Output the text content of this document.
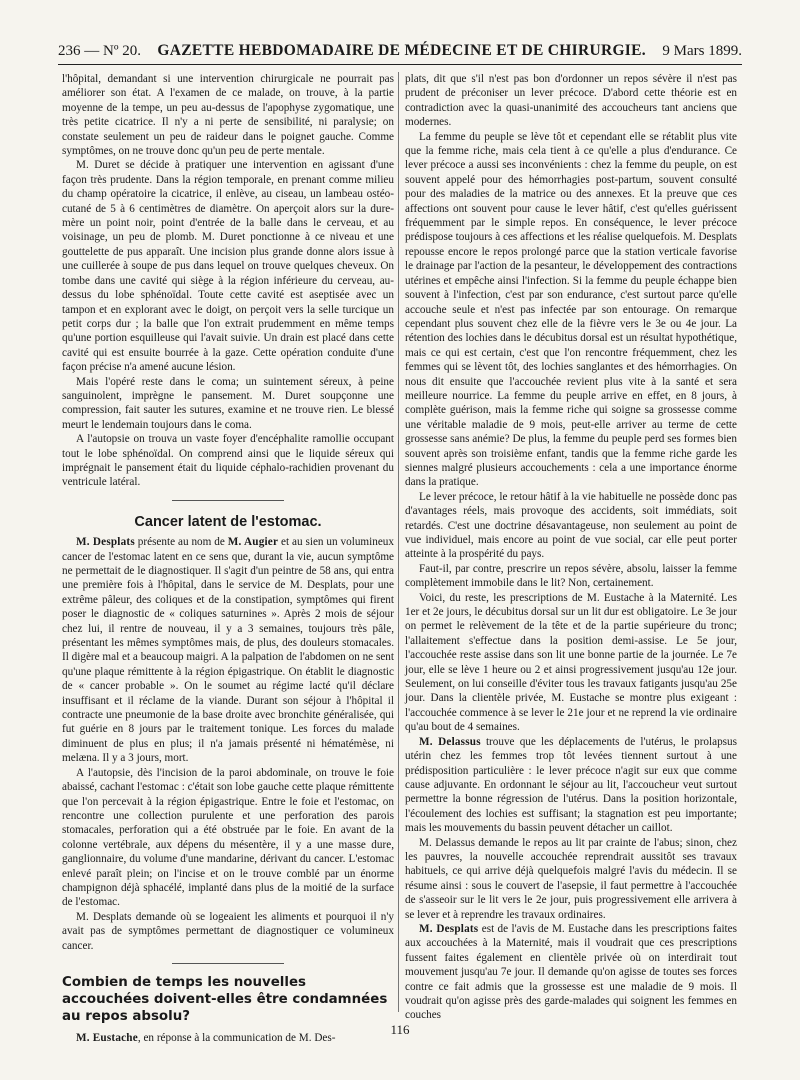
236 — Nº 20. GAZETTE HEBDOMADAIRE DE MÉDECINE ET DE CHIRURGIE. 9 Mars 1899.

l'hôpital, demandant si une intervention chirurgicale ne pourrait pas améliorer son état. A l'examen de ce malade, on trouve, à la partie moyenne de la tempe, un peu au-dessus de l'apophyse zygomatique, une très petite cicatrice. Il n'y a ni perte de sensibilité, ni paralysie; on constate seulement un peu de raideur dans le poignet gauche. Comme symptômes, on ne trouve donc qu'un peu de perte mentale.

M. Duret se décide à pratiquer une intervention en agissant d'une façon très prudente. Dans la région temporale, en prenant comme milieu du champ opératoire la cicatrice, il enlève, au ciseau, un lambeau ostéo-cutané de 5 à 6 centimètres de diamètre. On aperçoit alors sur la dure-mère un point noir, point d'entrée de la balle dans le cerveau, et au voisinage, un peu de plomb. M. Duret ponctionne à ce niveau et une gouttelette de pus apparaît. Une incision plus grande donne alors issue à une cuillerée à soupe de pus dans lequel on trouve quelques cheveux. On tombe dans une cavité qui siège à la région inférieure du cerveau, au-dessus du lobe sphénoïdal. Toute cette cavité est aseptisée avec un tampon et en explorant avec le doigt, on perçoit vers la selle turcique un petit corps dur ; la balle que l'on extrait prudemment en même temps qu'une portion esquilleuse qui l'avait suivie. Un drain est placé dans cette cavité qui est ensuite bourrée à la gaze. Cette opération conduite d'une façon précise n'a amené aucune lésion.

Mais l'opéré reste dans le coma; un suintement séreux, à peine sanguinolent, imprègne le pansement. M. Duret soupçonne une compression, fait sauter les sutures, examine et ne trouve rien. Le blessé meurt le lendemain toujours dans le coma.

A l'autopsie on trouva un vaste foyer d'encéphalite ramollie occupant tout le lobe sphénoïdal. On comprend ainsi que le liquide séreux qui imprégnait le pansement était du liquide céphalo-rachidien provenant du ventricule latéral.

Cancer latent de l'estomac.

M. Desplats présente au nom de M. Augier et au sien un volumineux cancer de l'estomac latent en ce sens que, durant la vie, aucun symptôme ne permettait de le diagnostiquer. Il s'agit d'un peintre de 58 ans, qui entra une première fois à l'hôpital, dans le service de M. Desplats, pour une extrême pâleur, des coliques et de la constipation, symptômes qui firent poser le diagnostic de « coliques saturnines ». Après 2 mois de séjour chez lui, il rentre de nouveau, il y a 3 semaines, toujours très pâle, présentant les mêmes symptômes mais, de plus, des douleurs stomacales. Il digère mal et a beaucoup maigri. A la palpation de l'abdomen on ne sent qu'une plaque rémittente à la région épigastrique. On établit le diagnostic de « cancer probable ». On le soumet au régime lacté qu'il déclare insuffisant et il réclame de la viande. Durant son séjour à l'hôpital il contracte une pneumonie de la base droite avec bronchite généralisée, qui fut guérie en 8 jours par le traitement tonique. Les forces du malade diminuent de plus en plus; il n'a jamais présenté ni hématémèse, ni melæna. Il y a 3 jours, mort.

A l'autopsie, dès l'incision de la paroi abdominale, on trouve le foie abaissé, cachant l'estomac : c'était son lobe gauche cette plaque rémittente que l'on percevait à la région épigastrique. Entre le foie et l'estomac, on rencontre une collection purulente et une perforation des parois stomacales, perforation qui a été obstruée par le foie. En avant de la colonne vertébrale, aux dépens du mésentère, il y a une masse dure, ganglionnaire, du volume d'une mandarine, dérivant du cancer. L'estomac enlevé paraît plein; on l'incise et on le trouve comblé par un énorme champignon déjà sphacélé, implanté dans plus de la moitié de la surface de l'estomac.

M. Desplats demande où se logeaient les aliments et pourquoi il n'y avait pas de symptômes permettant de diagnostiquer ce volumineux cancer.

Combien de temps les nouvelles accouchées doivent-elles être condamnées au repos absolu?

M. Eustache, en réponse à la communication de M. Des-

plats, dit que s'il n'est pas bon d'ordonner un repos sévère il n'est pas prudent de préconiser un lever précoce. D'abord cette théorie est en contradiction avec la quasi-unanimité des accoucheurs tant anciens que modernes.

La femme du peuple se lève tôt et cependant elle se rétablit plus vite que la femme riche, mais cela tient à ce qu'elle a plus d'endurance. Ce lever précoce a aussi ses inconvénients : chez la femme du peuple, on est souvent appelé pour des hémorrhagies post-partum, souvent consulté pour des maladies de la matrice ou des annexes. Et la preuve que ces affections ont souvent pour cause le lever hâtif, c'est qu'elles guérissent fréquemment par le simple repos. En conséquence, le lever précoce prédispose toujours à ces affections et les réalise quelquefois. M. Desplats repousse encore le repos prolongé parce que la station verticale favorise le drainage par l'action de la pesanteur, le développement des contractions utérines et empêche ainsi l'infection. Si la femme du peuple échappe bien souvent à l'infection, c'est par son endurance, c'est surtout parce qu'elle accouche seule et n'est pas infectée par son entourage. On remarque cependant plus souvent chez elle de la fièvre vers le 3e ou 4e jour. La rétention des lochies dans le décubitus dorsal est un résultat hypothétique, mais ce qui est certain, c'est que l'on rencontre fréquemment, chez les femmes qui se lèvent tôt, des lochies sanglantes et des hémorrhagies. On nous dit ensuite que l'accouchée revient plus vite à la santé et sera meilleure nourrice. La femme du peuple arrive en effet, en 8 jours, à complète guérison, mais la femme riche qui soigne sa grossesse comme une véritable maladie de 9 mois, peut-elle arriver au terme de cette grossesse sans anémie? De plus, la femme du peuple perd ses formes bien souvent après son troisième enfant, tandis que la femme riche garde les siennes malgré plusieurs accouchements : cela a une importance énorme dans la pratique.

Le lever précoce, le retour hâtif à la vie habituelle ne possède donc pas d'avantages réels, mais provoque des accidents, soit immédiats, soit retardés. C'est une doctrine désavantageuse, non seulement au point de vue individuel, mais encore au point de vue social, car elle peut porter atteinte à la prospérité du pays.

Faut-il, par contre, prescrire un repos sévère, absolu, laisser la femme complètement immobile dans le lit? Non, certainement.

Voici, du reste, les prescriptions de M. Eustache à la Maternité. Les 1er et 2e jours, le décubitus dorsal sur un lit dur est obligatoire. Le 3e jour on permet le relèvement de la tête et de la partie supérieure du tronc; l'allaitement s'effectue dans la position demi-assise. Le 5e jour, l'accouchée reste assise dans son lit une bonne partie de la journée. Le 7e jour, elle se lève 1 heure ou 2 et ainsi progressivement jusqu'au 12e jour. Seulement, on lui conseille d'éviter tous les travaux fatigants jusqu'au 25e jour. Dans la clientèle privée, M. Eustache se montre plus exigeant : l'accouchée commence à se lever le 21e jour et ne reprend la vie ordinaire qu'au bout de 4 semaines.

M. Delassus trouve que les déplacements de l'utérus, le prolapsus utérin chez les femmes trop tôt levées tiennent surtout à une prédisposition particulière : le lever précoce n'agit sur eux que comme cause adjuvante. En ordonnant le séjour au lit, l'accoucheur veut surtout permettre la bonne régression de l'utérus. Dans la position horizontale, l'écoulement des lochies est suffisant; la stagnation est peu importante; mais les mouvements du bassin peuvent détacher un caillot.

M. Delassus demande le repos au lit par crainte de l'abus; sinon, chez les pauvres, la nouvelle accouchée reprendrait aussitôt ses travaux habituels, ce qui arrive déjà quelquefois malgré l'avis du médecin. Il se résume ainsi : sous le couvert de l'asepsie, il faut permettre à l'accouchée de s'asseoir sur le lit vers le 2e jour, puis progressivement elle arrivera à se lever et à reprendre les travaux ordinaires.

M. Desplats est de l'avis de M. Eustache dans les prescriptions faites aux accouchées à la Maternité, mais il voudrait que ces prescriptions fussent faites également en clientèle privée où on interdirait tout mouvement jusqu'au 7e jour. Il demande qu'on agisse de toutes ses forces contre ce fait admis que la grossesse est une maladie de 9 mois. Il voudrait qu'on agisse près des garde-malades qui soignent les femmes en couches

116
